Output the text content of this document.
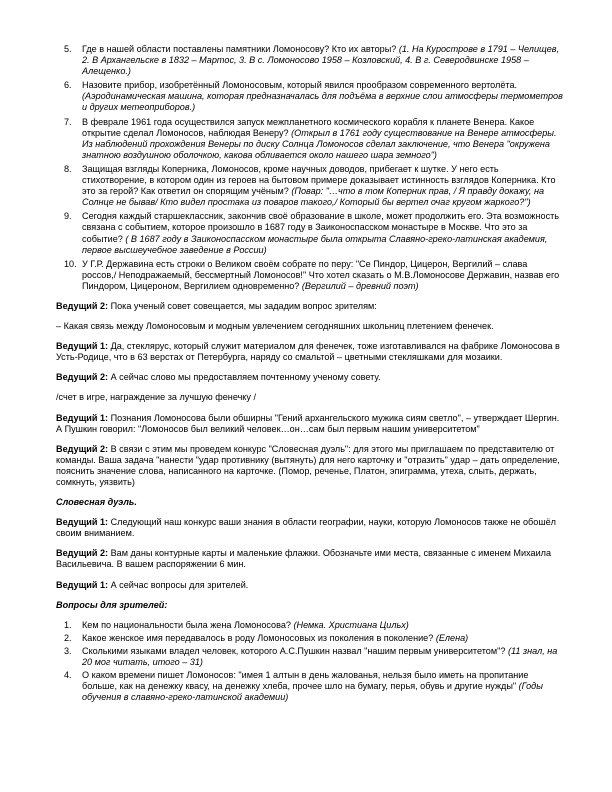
5.	Где в нашей области поставлены памятники Ломоносову? Кто их авторы? (1. На Курострове в 1791 – Челищев, 2. В Архангельске в 1832 – Мартос, 3. В с. Ломоносово 1958 – Козловский, 4. В г. Северодвинске 1958 – Алещенко.)
6.	Назовите прибор, изобретённый Ломоносовым, который явился прообразом современного вертолёта. (Аэродинамическая машина, которая предназначалась для подъёма в верхние слои атмосферы термометров и других метеоприборов.)
7.	В феврале 1961 года осуществился запуск межпланетного космического корабля к планете Венера. Какое открытие сделал Ломоносов, наблюдая Венеру? (Открыл в 1761 году существование на Венере атмосферы. Из наблюдений прохождения Венеры по диску Солнца Ломоносов сделал заключение, что Венера "окружена знатною воздушною оболочкою, какова обливается около нашего шара земного")
8.	Защищая взгляды Коперника, Ломоносов, кроме научных доводов, прибегает к шутке. У него есть стихотворение, в котором один из героев на бытовом примере доказывает истинность взглядов Коперника. Кто это за герой? Как ответил он спорящим учёным? (Повар: "…что в том Коперник прав, / Я правду докажу, на Солнце не бывав/ Кто видел простака из поваров такого,/ Который бы вертел очаг кругом жаркого?")
9.	Сегодня каждый старшеклассник, закончив своё образование в школе, может продолжить его. Эта возможность связана с событием, которое произошло в 1687 году в Заиконоспасском монастыре в Москве. Что это за событие? ( В 1687 году в Заиконоспасском монастыре была открыта Славяно-греко-латинская академия, первое высшеучебное заведение в России)
10. У Г.Р. Державина есть строки о Великом своём собрате по перу: "Се Пиндор, Цицерон, Вергилий – слава россов,/ Неподражаемый, бессмертный Ломоносов!" Что хотел сказать о М.В.Ломоносове Державин, назвав его Пиндором, Цицероном, Вергилием одновременно? (Вергилий – древний поэт)

Ведущий 2: Пока ученый совет совещается, мы зададим вопрос зрителям:

– Какая связь между Ломоносовым и модным увлечением сегодняшних школьниц плетением фенечек.

Ведущий 1: Да, стеклярус, который служит материалом для фенечек, тоже изготавливался на фабрике Ломоносова в Усть-Родице, что в 63 верстах от Петербурга, наряду со смальтой – цветными стекляшками для мозаики.

Ведущий 2: А сейчас слово мы предоставляем почтенному ученому совету.

/счет в игре, награждение за лучшую фенечку /

Ведущий 1: Познания Ломоносова были обширны "Гений архангельского мужика сиям светло", – утверждает Шергин. А Пушкин говорил: "Ломоносов был великий человек…он…сам был первым нашим университетом"

Ведущий 2: В связи с этим мы проведем конкурс "Словесная дуэль": для этого мы приглашаем по представителю от команды. Ваша задача "нанести "удар противнику (вытянуть) для него карточку и "отразить" удар – дать определение, пояснить значение слова, написанного на карточке. (Помор, реченье, Платон, эпиграмма, утеха, слыть, держать, сомкнуть, уязвить)

Словесная дуэль.

Ведущий 1: Следующий наш конкурс ваши знания в области географии, науки, которую Ломоносов также не обошёл своим вниманием.

Ведущий 2: Вам даны контурные карты и маленькие флажки. Обозначьте ими места, связанные с именем Михаила Васильевича. В вашем распоряжении 6 мин.

Ведущий 1: А сейчас вопросы для зрителей.

Вопросы для зрителей:
1.	Кем по национальности была жена Ломоносова? (Немка. Христиана Цильх)
2.	Какое женское имя передавалось в роду Ломоносовых из поколения в поколение? (Елена)
3.	Сколькими языками владел человек, которого А.С.Пушкин назвал "нашим первым университетом"? (11 знал, на 20 мог читать, итого – 31)
4.	О каком времени пишет Ломоносов: "имея 1 алтын в день жалованья, нельзя было иметь на пропитание больше, как на денежку квасу, на денежку хлеба, прочее шло на бумагу, перья, обувь и другие нужды" (Годы обучения в славяно-греко-латинской академии)
